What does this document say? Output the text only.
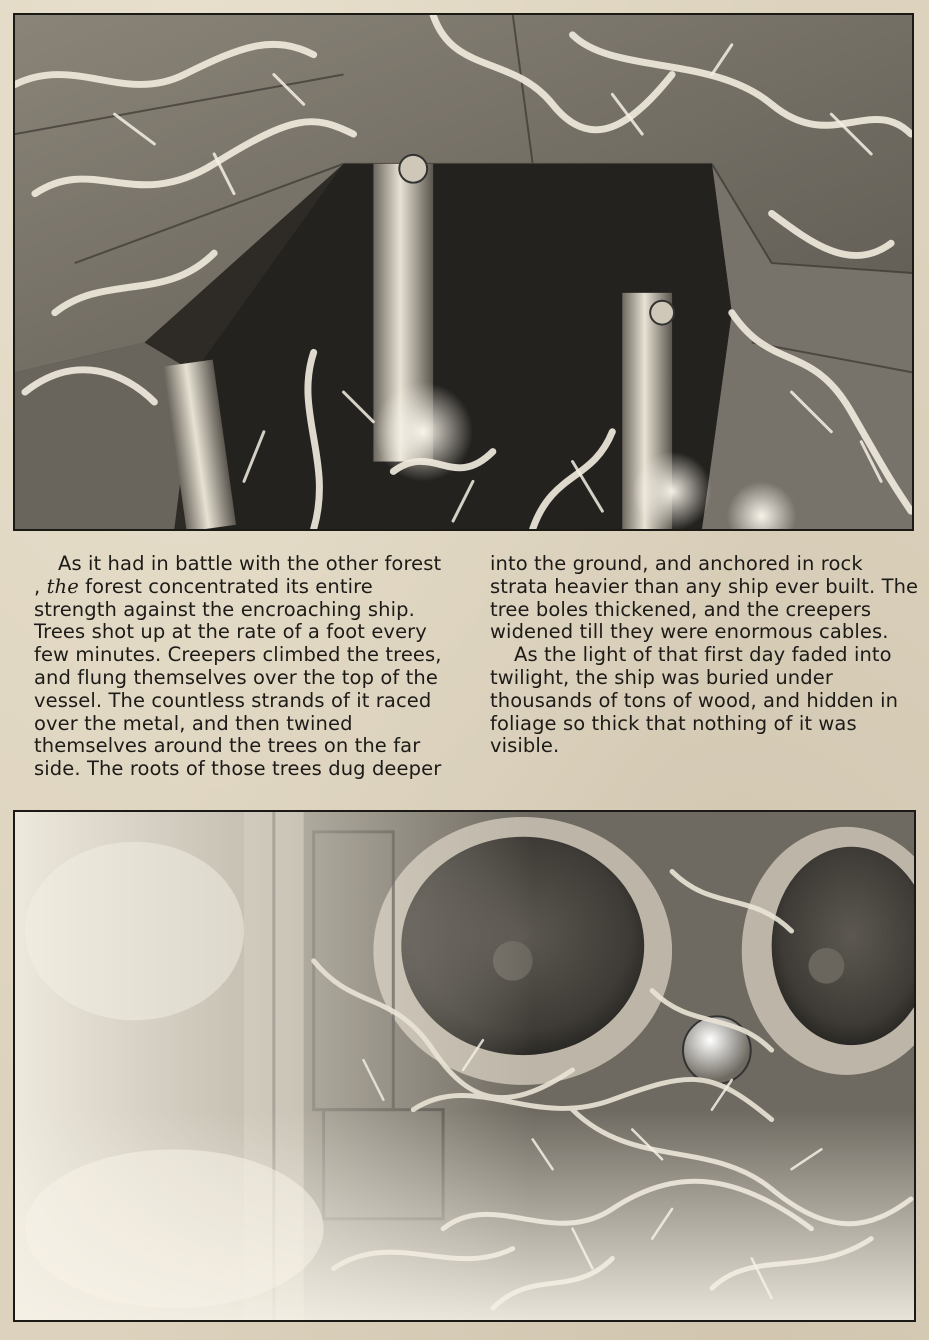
As it had in battle with the other forest , the forest concentrated its entire strength against the encroaching ship. Trees shot up at the rate of a foot every few minutes. Creepers climbed the trees, and flung themselves over the top of the vessel. The countless strands of it raced over the metal, and then twined themselves around the trees on the far side. The roots of those trees dug deeper

into the ground, and anchored in rock strata heavier than any ship ever built. The tree boles thickened, and the creepers widened till they were enormous cables.

As the light of that first day faded into twilight, the ship was buried under thousands of tons of wood, and hidden in foliage so thick that nothing of it was visible.
